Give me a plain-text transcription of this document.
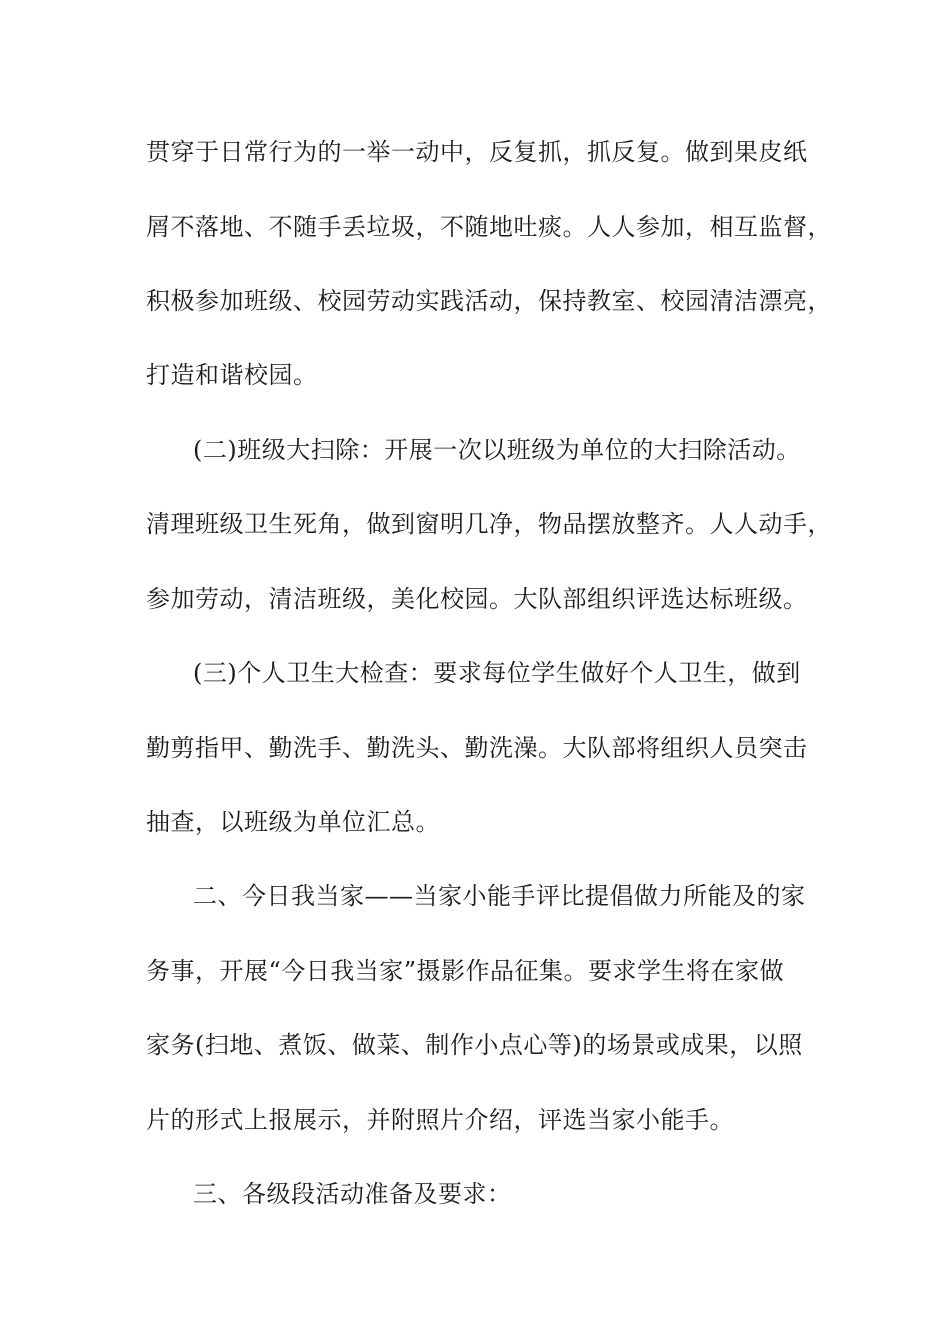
贯穿于日常行为的一举一动中，反复抓，抓反复。做到果皮纸
屑不落地、不随手丢垃圾，不随地吐痰。人人参加，相互监督，
积极参加班级、校园劳动实践活动，保持教室、校园清洁漂亮，
打造和谐校园。
(二)班级大扫除：开展一次以班级为单位的大扫除活动。
清理班级卫生死角，做到窗明几净，物品摆放整齐。人人动手，
参加劳动，清洁班级，美化校园。大队部组织评选达标班级。
(三)个人卫生大检查：要求每位学生做好个人卫生，做到
勤剪指甲、勤洗手、勤洗头、勤洗澡。大队部将组织人员突击
抽查，以班级为单位汇总。
二、今日我当家——当家小能手评比提倡做力所能及的家
务事，开展“今日我当家”摄影作品征集。要求学生将在家做
家务(扫地、煮饭、做菜、制作小点心等)的场景或成果，以照
片的形式上报展示，并附照片介绍，评选当家小能手。
三、各级段活动准备及要求：
